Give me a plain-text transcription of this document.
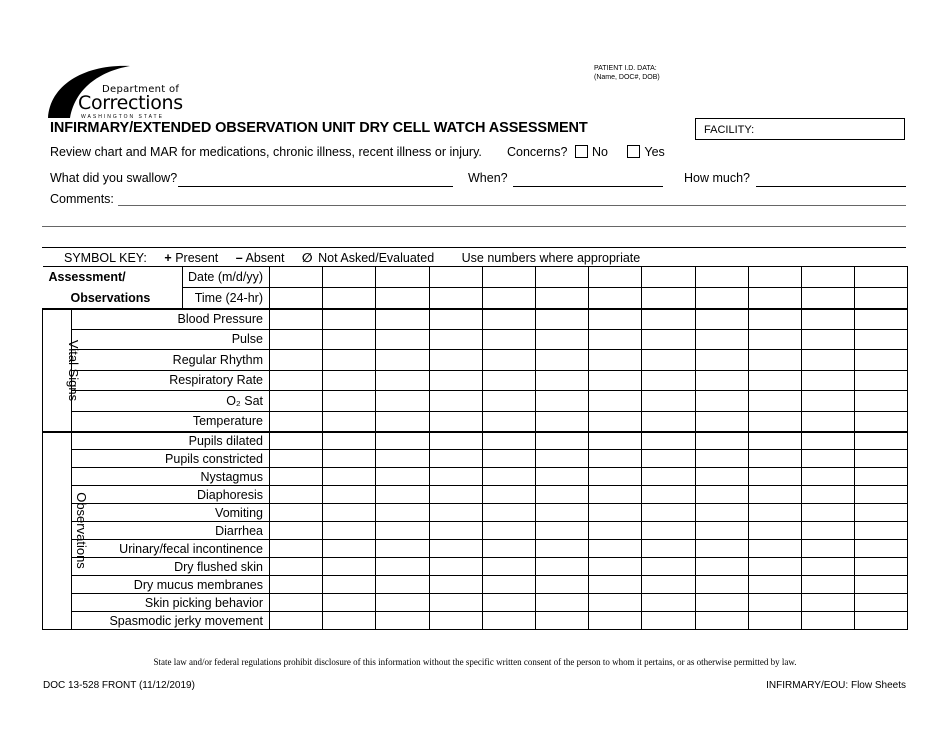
Department of
Corrections
WASHINGTON STATE
PATIENT I.D. DATA:
(Name, DOC#, DOB)
INFIRMARY/EXTENDED OBSERVATION UNIT DRY CELL WATCH ASSESSMENT	FACILITY:
Review chart and MAR for medications, chronic illness, recent illness or injury. Concerns? No	Yes
What did you swallow?	When?	How much?
Comments:
SYMBOL KEY: + Present – Absent ∅ Not Asked/Evaluated Use numbers where appropriate
Assessment/		Date (m/d/yy)												
Observations		Time (24-hr)												
Vital Signs	Blood Pressure													
	Pulse													
	Regular Rhythm													
	Respiratory Rate													
	O₂ Sat													
	Temperature													
Observations	Pupils dilated													
	Pupils constricted													
	Nystagmus													
	Diaphoresis													
	Vomiting													
	Diarrhea													
	Urinary/fecal incontinence													
	Dry flushed skin													
	Dry mucus membranes													
	Skin picking behavior													
	Spasmodic jerky movement													
State law and/or federal regulations prohibit disclosure of this information without the specific written consent of the person to whom it pertains, or as otherwise permitted by law.
DOC 13-528 FRONT (11/12/2019)	INFIRMARY/EOU: Flow Sheets
